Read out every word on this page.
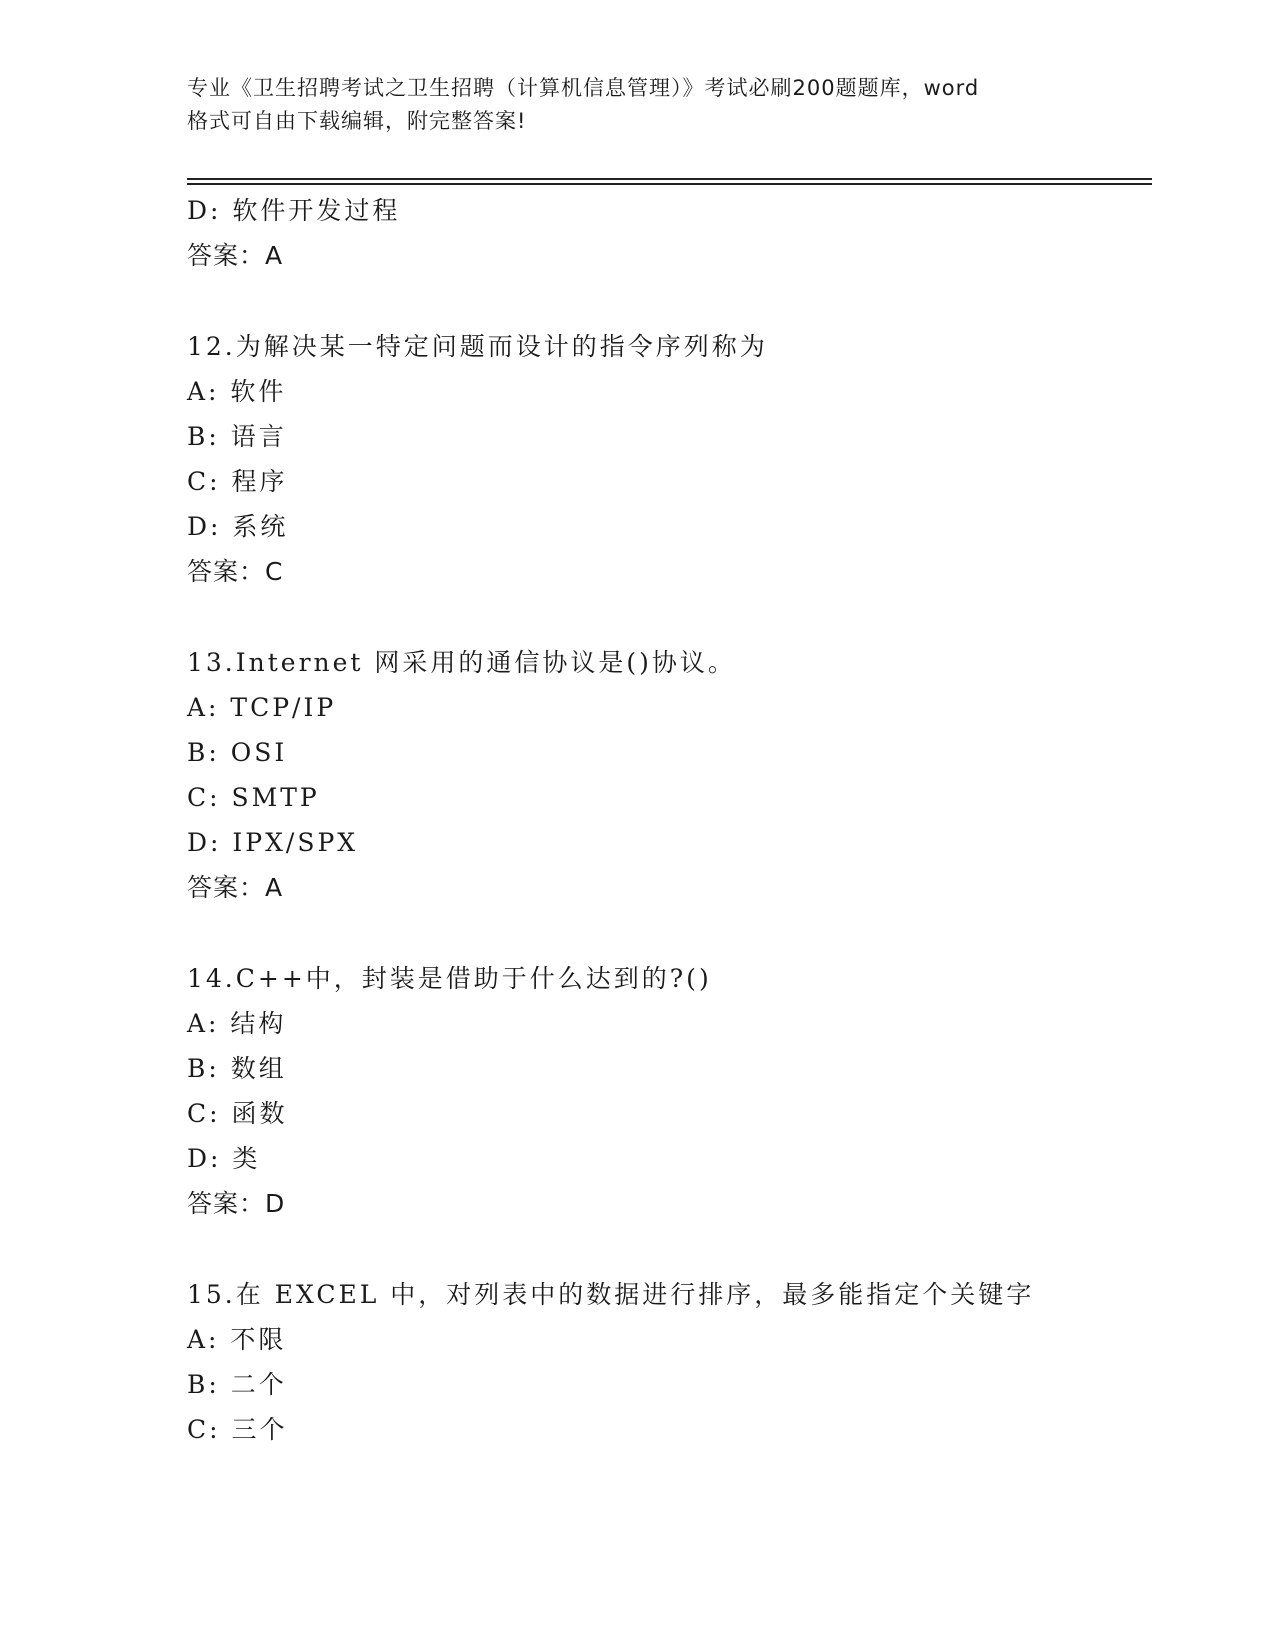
专业《卫生招聘考试之卫生招聘（计算机信息管理）》考试必刷200题题库，word
格式可自由下载编辑，附完整答案!
D: 软件开发过程
答案：A
12.为解决某一特定问题而设计的指令序列称为
A: 软件
B: 语言
C: 程序
D: 系统
答案：C
13.Internet 网采用的通信协议是()协议。
A: TCP/IP
B: OSI
C: SMTP
D: IPX/SPX
答案：A
14.C++中，封装是借助于什么达到的?()
A: 结构
B: 数组
C: 函数
D: 类
答案：D
15.在 EXCEL 中，对列表中的数据进行排序，最多能指定个关键字
A: 不限
B: 二个
C: 三个
